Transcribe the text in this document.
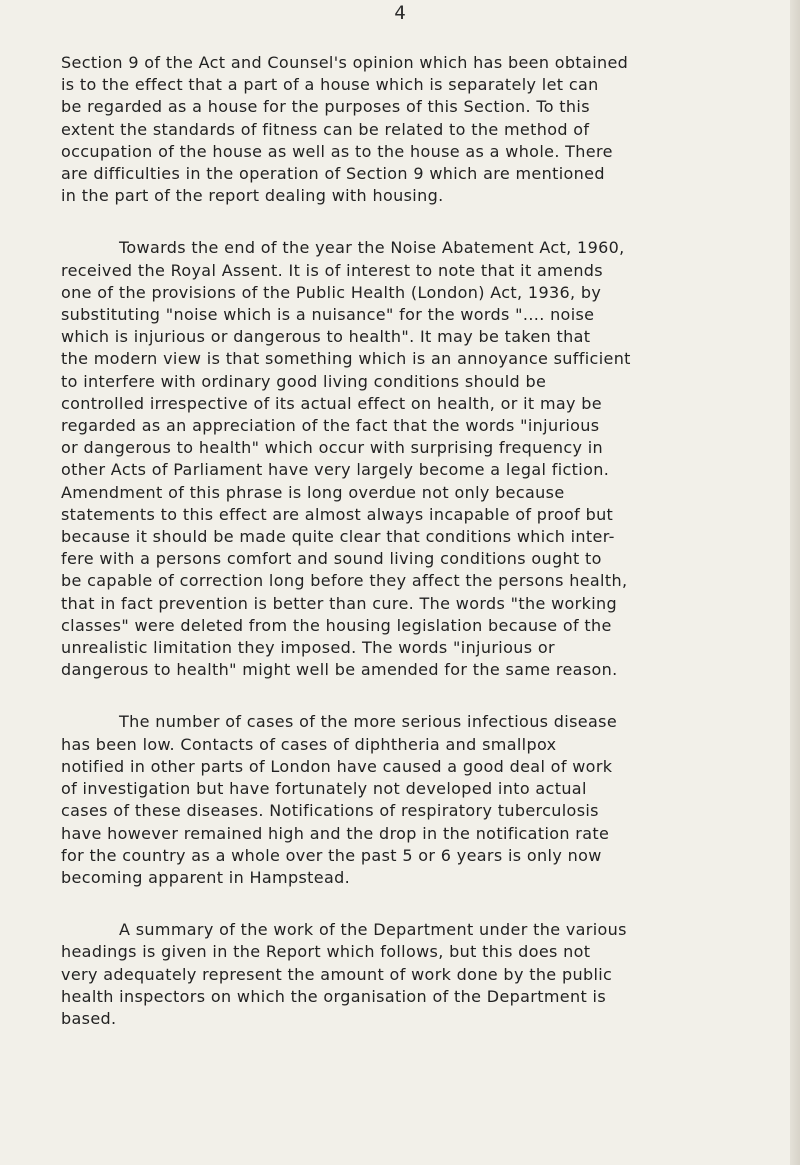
4

Section 9 of the Act and Counsel's opinion which has been obtained
is to the effect that a part of a house which is separately let can
be regarded as a house for the purposes of this Section. To this
extent the standards of fitness can be related to the method of
occupation of the house as well as to the house as a whole. There
are difficulties in the operation of Section 9 which are mentioned
in the part of the report dealing with housing.

Towards the end of the year the Noise Abatement Act, 1960,
received the Royal Assent. It is of interest to note that it amends
one of the provisions of the Public Health (London) Act, 1936, by
substituting "noise which is a nuisance" for the words ".... noise
which is injurious or dangerous to health". It may be taken that
the modern view is that something which is an annoyance sufficient
to interfere with ordinary good living conditions should be
controlled irrespective of its actual effect on health, or it may be
regarded as an appreciation of the fact that the words "injurious
or dangerous to health" which occur with surprising frequency in
other Acts of Parliament have very largely become a legal fiction.
Amendment of this phrase is long overdue not only because
statements to this effect are almost always incapable of proof but
because it should be made quite clear that conditions which inter-
fere with a persons comfort and sound living conditions ought to
be capable of correction long before they affect the persons health,
that in fact prevention is better than cure. The words "the working
classes" were deleted from the housing legislation because of the
unrealistic limitation they imposed. The words "injurious or
dangerous to health" might well be amended for the same reason.

The number of cases of the more serious infectious disease
has been low. Contacts of cases of diphtheria and smallpox
notified in other parts of London have caused a good deal of work
of investigation but have fortunately not developed into actual
cases of these diseases. Notifications of respiratory tuberculosis
have however remained high and the drop in the notification rate
for the country as a whole over the past 5 or 6 years is only now
becoming apparent in Hampstead.

A summary of the work of the Department under the various
headings is given in the Report which follows, but this does not
very adequately represent the amount of work done by the public
health inspectors on which the organisation of the Department is
based.
